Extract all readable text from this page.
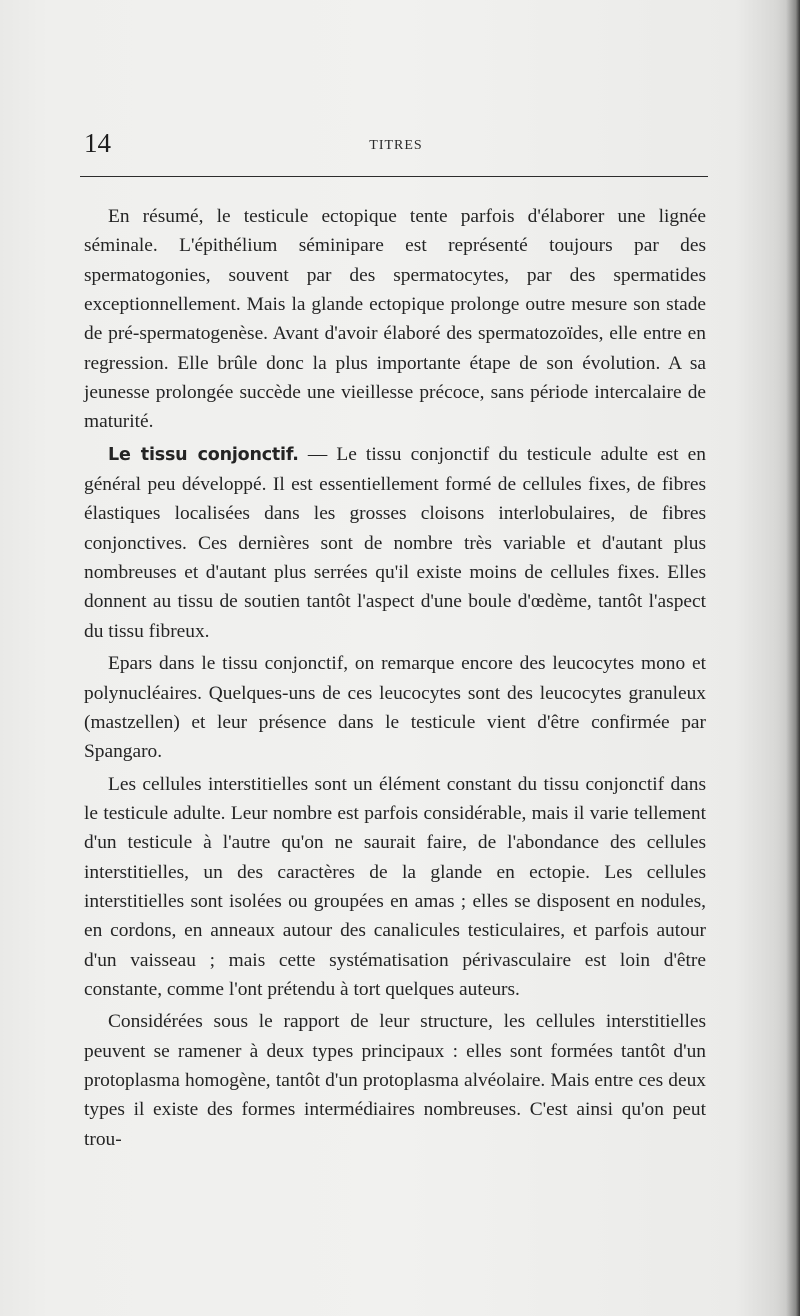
14	TITRES

En résumé, le testicule ectopique tente parfois d'élaborer une lignée séminale. L'épithélium séminipare est représenté toujours par des spermatogonies, souvent par des spermatocytes, par des spermatides exceptionnellement. Mais la glande ectopique prolonge outre mesure son stade de pré-spermatogenèse. Avant d'avoir élaboré des spermatozoïdes, elle entre en regression. Elle brûle donc la plus importante étape de son évolution. A sa jeunesse prolongée succède une vieillesse précoce, sans période intercalaire de maturité.

Le tissu conjonctif. — Le tissu conjonctif du testicule adulte est en général peu développé. Il est essentiellement formé de cellules fixes, de fibres élastiques localisées dans les grosses cloisons interlobulaires, de fibres conjonctives. Ces dernières sont de nombre très variable et d'autant plus nombreuses et d'autant plus serrées qu'il existe moins de cellules fixes. Elles donnent au tissu de soutien tantôt l'aspect d'une boule d'œdème, tantôt l'aspect du tissu fibreux.

Epars dans le tissu conjonctif, on remarque encore des leucocytes mono et polynucléaires. Quelques-uns de ces leucocytes sont des leucocytes granuleux (mastzellen) et leur présence dans le testicule vient d'être confirmée par Spangaro.

Les cellules interstitielles sont un élément constant du tissu conjonctif dans le testicule adulte. Leur nombre est parfois considérable, mais il varie tellement d'un testicule à l'autre qu'on ne saurait faire, de l'abondance des cellules interstitielles, un des caractères de la glande en ectopie. Les cellules interstitielles sont isolées ou groupées en amas ; elles se disposent en nodules, en cordons, en anneaux autour des canalicules testiculaires, et parfois autour d'un vaisseau ; mais cette systématisation périvasculaire est loin d'être constante, comme l'ont prétendu à tort quelques auteurs.

Considérées sous le rapport de leur structure, les cellules interstitielles peuvent se ramener à deux types principaux : elles sont formées tantôt d'un protoplasma homogène, tantôt d'un protoplasma alvéolaire. Mais entre ces deux types il existe des formes intermédiaires nombreuses. C'est ainsi qu'on peut trou-
